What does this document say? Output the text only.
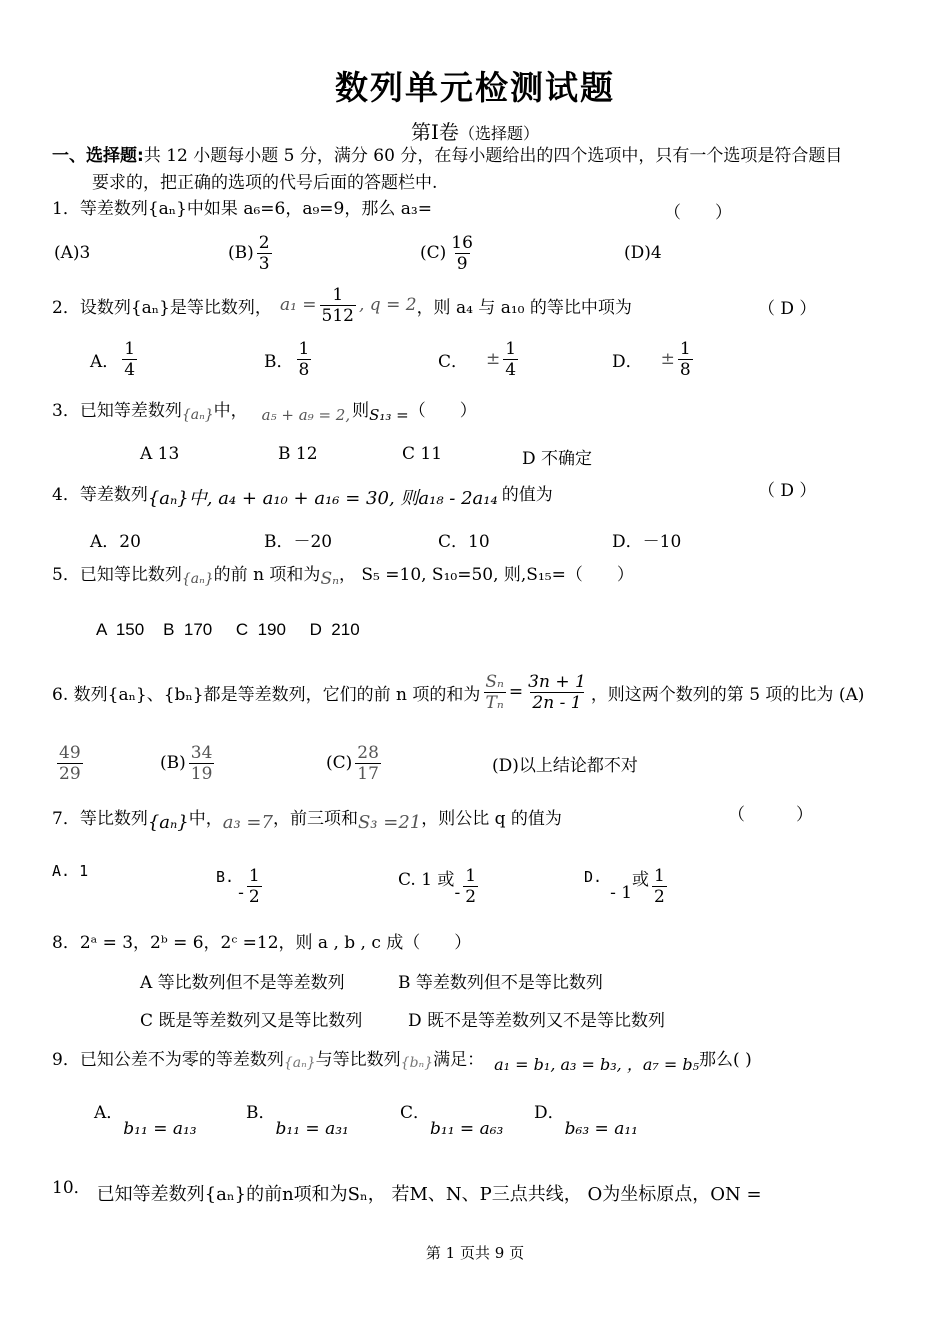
数列单元检测试题
第Ⅰ卷（选择题）
一、选择题:共 12 小题每小题 5 分，满分 60 分，在每小题给出的四个选项中，只有一个选项是符合题目
要求的，把正确的选项的代号后面的答题栏中.
1．等差数列{aₙ}中如果 a₆=6，a₉=9，那么 a₃=	（　　）
(A)3	$(B) \frac{2}{3}$	$(C) \frac{16}{9}$	(D)4
2．设数列{aₙ}是等比数列， $a_1 = \frac{1}{512}$ , q = 2 ，则 a₄ 与 a₁₀ 的等比中项为	（ D ）
A． $\frac{1}{4}$	B． $\frac{1}{8}$	C． ± $\frac{1}{4}$	D． ± $\frac{1}{8}$
3．已知等差数列 {aₙ} 中， a₅ + a₉ = 2, 则 S₁₃ = （　　）
A 13	B 12	C 11	D 不确定
4．等差数列 {aₙ}中, a₄ + a₁₀ + a₁₆ = 30, 则a₁₈ - 2a₁₄ 的值为	（ D ）
A．20	B．－20	C．10	D．－10
5．已知等比数列 {aₙ} 的前 n 项和为 Sₙ ， S₅ =10, S₁₀=50, 则,S₁₅=（　　）
A  150    B  170     C  190     D  210
6. 数列{aₙ}、{bₙ}都是等差数列，它们的前 n 项的和为 $\frac{\text{Sₙ}}{\text{Tₙ}} = \frac{3n + 1}{2n - 1}$ ，则这两个数列的第 5 项的比为 (A)
$\frac{49}{29}$	$(B) \frac{34}{19}$	$(C) \frac{28}{17}$	(D)以上结论都不对
7．等比数列 {aₙ} 中， a₃ =7 ，前三项和 S₃ =21 ，则公比 q 的值为	（　　　）
A. 1	B.
- $\frac{1}{2}$	C. 1 或
- $\frac{1}{2}$	D.
- 1
或 $\frac{1}{2}$
8．2ᵃ = 3，2ᵇ = 6，2ᶜ =12，则 a , b , c 成（　　）
A 等比数列但不是等差数列	B 等差数列但不是等比数列
C 既是等差数列又是等比数列	D 既不是等差数列又不是等比数列
9．已知公差不为零的等差数列 {aₙ} 与等比数列 {bₙ} 满足： a₁ = b₁, a₃ = b₃, ，a₇ = b₅ 那么( )
A．
b₁₁ = a₁₃
B．
b₁₁ = a₃₁
C．
b₁₁ = a₆₃
D．
b₆₃ = a₁₁
10． 已知等差数列{aₙ}的前n项和为Sₙ， 若M、N、P三点共线， O为坐标原点，ON =
第 1 页共 9 页
